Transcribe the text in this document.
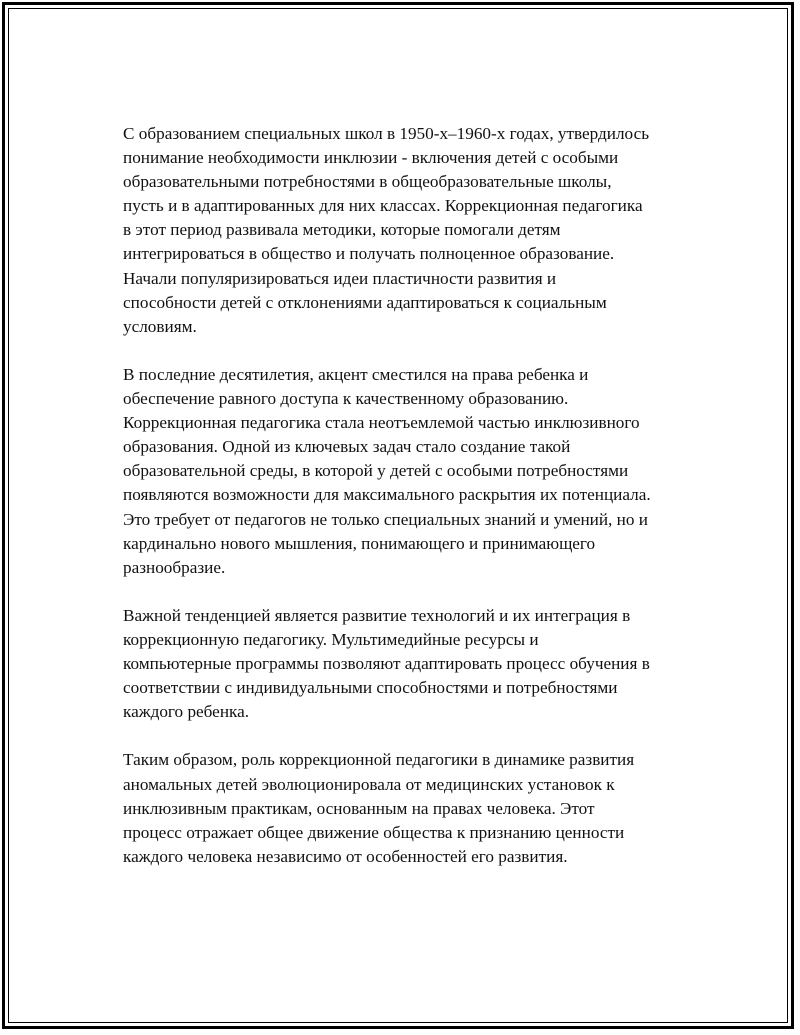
С образованием специальных школ в 1950-х–1960-х годах, утвердилось
понимание необходимости инклюзии - включения детей с особыми
образовательными потребностями в общеобразовательные школы,
пусть и в адаптированных для них классах. Коррекционная педагогика
в этот период развивала методики, которые помогали детям
интегрироваться в общество и получать полноценное образование.
Начали популяризироваться идеи пластичности развития и
способности детей с отклонениями адаптироваться к социальным
условиям.

В последние десятилетия, акцент сместился на права ребенка и
обеспечение равного доступа к качественному образованию.
Коррекционная педагогика стала неотъемлемой частью инклюзивного
образования. Одной из ключевых задач стало создание такой
образовательной среды, в которой у детей с особыми потребностями
появляются возможности для максимального раскрытия их потенциала.
Это требует от педагогов не только специальных знаний и умений, но и
кардинально нового мышления, понимающего и принимающего
разнообразие.

Важной тенденцией является развитие технологий и их интеграция в
коррекционную педагогику. Мультимедийные ресурсы и
компьютерные программы позволяют адаптировать процесс обучения в
соответствии с индивидуальными способностями и потребностями
каждого ребенка.

Таким образом, роль коррекционной педагогики в динамике развития
аномальных детей эволюционировала от медицинских установок к
инклюзивным практикам, основанным на правах человека. Этот
процесс отражает общее движение общества к признанию ценности
каждого человека независимо от особенностей его развития.
